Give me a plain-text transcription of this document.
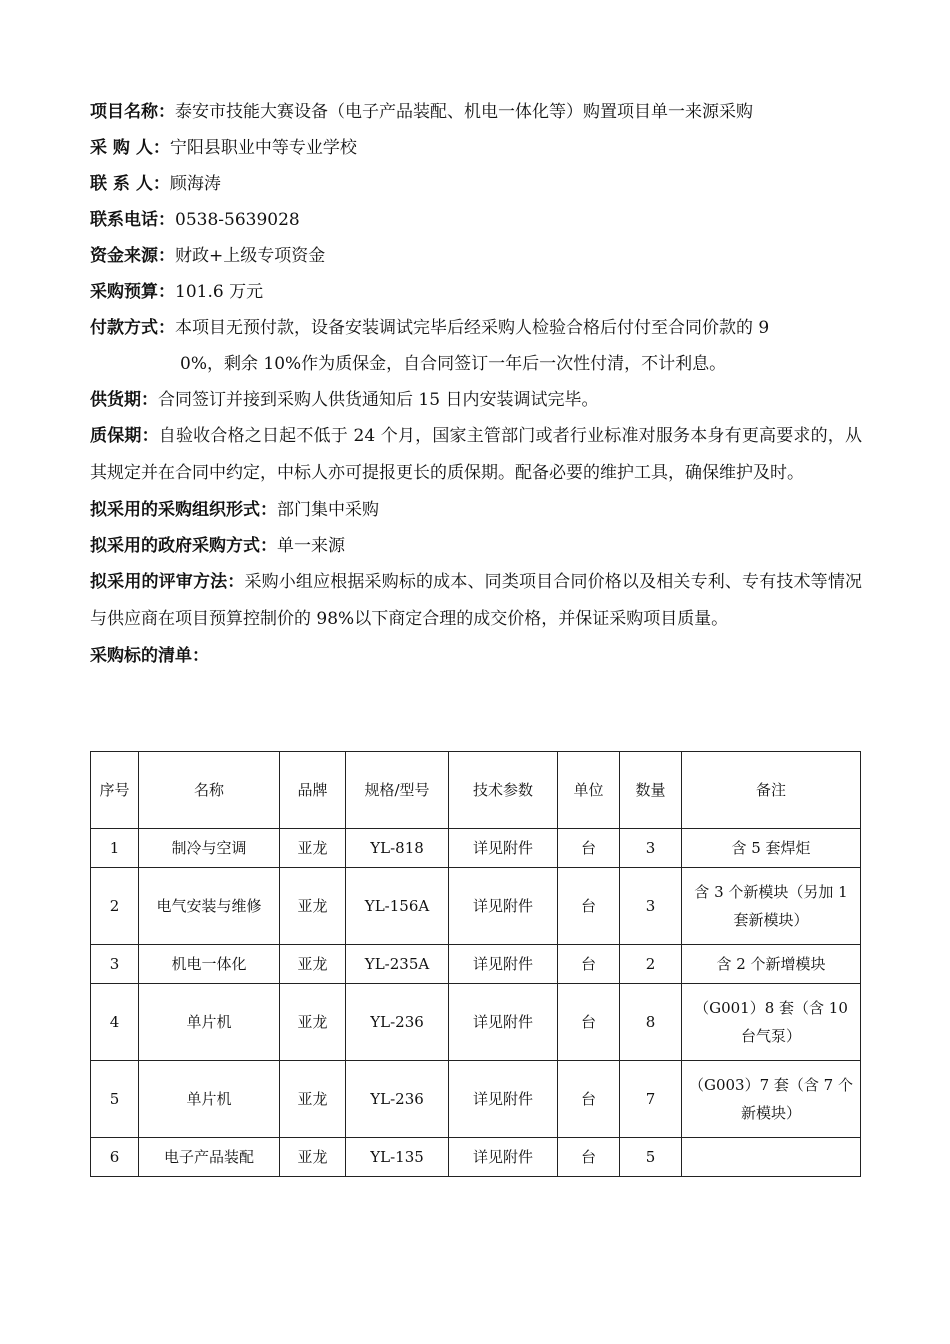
项目名称：泰安市技能大赛设备（电子产品装配、机电一体化等）购置项目单一来源采购
采 购 人：宁阳县职业中等专业学校
联 系 人：顾海涛
联系电话：0538-5639028
资金来源：财政+上级专项资金
采购预算：101.6 万元
付款方式：本项目无预付款，设备安装调试完毕后经采购人检验合格后付付至合同价款的 9
0%，剩余 10%作为质保金，自合同签订一年后一次性付清，不计利息。
供货期：合同签订并接到采购人供货通知后 15 日内安装调试完毕。
质保期：自验收合格之日起不低于 24 个月，国家主管部门或者行业标准对服务本身有更高要求的，从其规定并在合同中约定，中标人亦可提报更长的质保期。配备必要的维护工具，确保维护及时。
拟采用的采购组织形式：部门集中采购
拟采用的政府采购方式：单一来源
拟采用的评审方法：采购小组应根据采购标的成本、同类项目合同价格以及相关专利、专有技术等情况与供应商在项目预算控制价的 98%以下商定合理的成交价格，并保证采购项目质量。
采购标的清单：
序号	名称	品牌	规格/型号	技术参数	单位	数量	备注
1	制冷与空调	亚龙	YL-818	详见附件	台	3	含 5 套焊炬
2	电气安装与维修	亚龙	YL-156A	详见附件	台	3	含 3 个新模块（另加 1 套新模块）
3	机电一体化	亚龙	YL-235A	详见附件	台	2	含 2 个新增模块
4	单片机	亚龙	YL-236	详见附件	台	8	（G001）8 套（含 10 台气泵）
5	单片机	亚龙	YL-236	详见附件	台	7	（G003）7 套（含 7 个新模块）
6	电子产品装配	亚龙	YL-135	详见附件	台	5	
